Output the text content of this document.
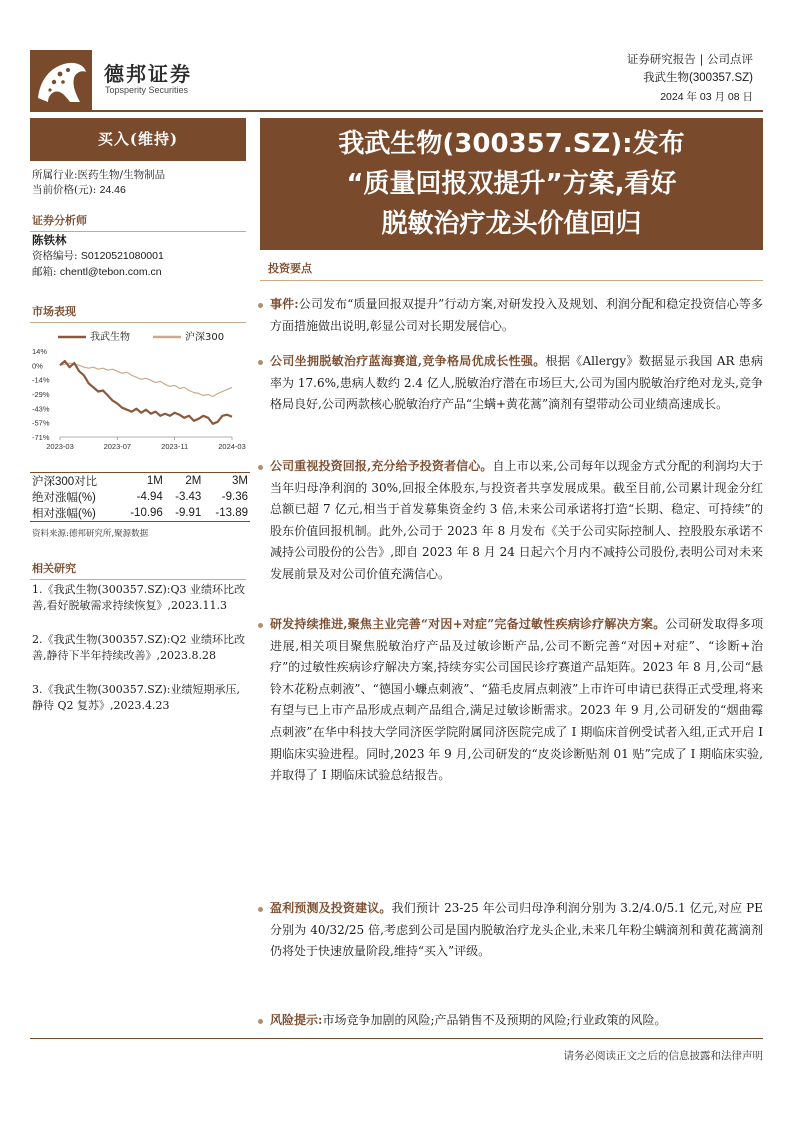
德邦证券
Topsperity Securities
证券研究报告 | 公司点评
我武生物(300357.SZ)
2024 年 03 月 08 日
买入(维持)
所属行业:医药生物/生物制品
当前价格(元): 24.46
证券分析师
陈铁林
资格编号: S0120521080001
邮箱: chentl@tebon.com.cn
市场表现
我武生物	沪深300
14%
0%
-14%
-29%
-43%
-57%
-71%
2023-03	2023-07	2023-11	2024-03
沪深300对比	1M	2M	3M
绝对涨幅(%)	-4.94	-3.43	-9.36
相对涨幅(%)	-10.96	-9.91	-13.89
资料来源:德邦研究所,聚源数据
相关研究
1.《我武生物(300357.SZ):Q3 业绩环比改善,看好脱敏需求持续恢复》,2023.11.3
2.《我武生物(300357.SZ):Q2 业绩环比改善,静待下半年持续改善》,2023.8.28
3.《我武生物(300357.SZ):业绩短期承压,静待 Q2 复苏》,2023.4.23
我武生物(300357.SZ):发布
“质量回报双提升”方案,看好
脱敏治疗龙头价值回归
投资要点
事件:公司发布“质量回报双提升”行动方案,对研发投入及规划、利润分配和稳定投资信心等多方面措施做出说明,彰显公司对长期发展信心。
公司坐拥脱敏治疗蓝海赛道,竞争格局优成长性强。根据《Allergy》数据显示我国 AR 患病率为 17.6%,患病人数约 2.4 亿人,脱敏治疗潜在市场巨大,公司为国内脱敏治疗绝对龙头,竞争格局良好,公司两款核心脱敏治疗产品“尘螨+黄花蒿”滴剂有望带动公司业绩高速成长。
公司重视投资回报,充分给予投资者信心。自上市以来,公司每年以现金方式分配的利润均大于当年归母净利润的 30%,回报全体股东,与投资者共享发展成果。截至目前,公司累计现金分红总额已超 7 亿元,相当于首发募集资金约 3 倍,未来公司承诺将打造“长期、稳定、可持续”的股东价值回报机制。此外,公司于 2023 年 8 月发布《关于公司实际控制人、控股股东承诺不减持公司股份的公告》,即自 2023 年 8 月 24 日起六个月内不减持公司股份,表明公司对未来发展前景及对公司价值充满信心。
研发持续推进,聚焦主业完善“对因+对症”完备过敏性疾病诊疗解决方案。公司研发取得多项进展,相关项目聚焦脱敏治疗产品及过敏诊断产品,公司不断完善“对因+对症”、“诊断+治疗”的过敏性疾病诊疗解决方案,持续夯实公司国民诊疗赛道产品矩阵。2023 年 8 月,公司“悬铃木花粉点刺液”、“德国小蠊点刺液”、“猫毛皮屑点刺液”上市许可申请已获得正式受理,将来有望与已上市产品形成点刺产品组合,满足过敏诊断需求。2023 年 9 月,公司研发的“烟曲霉点刺液”在华中科技大学同济医学院附属同济医院完成了 I 期临床首例受试者入组,正式开启 I 期临床实验进程。同时,2023 年 9 月,公司研发的“皮炎诊断贴剂 01 贴”完成了 I 期临床实验,并取得了 I 期临床试验总结报告。
盈利预测及投资建议。我们预计 23-25 年公司归母净利润分别为 3.2/4.0/5.1 亿元,对应 PE 分别为 40/32/25 倍,考虑到公司是国内脱敏治疗龙头企业,未来几年粉尘螨滴剂和黄花蒿滴剂仍将处于快速放量阶段,维持“买入”评级。
风险提示:市场竞争加剧的风险;产品销售不及预期的风险;行业政策的风险。
请务必阅读正文之后的信息披露和法律声明
